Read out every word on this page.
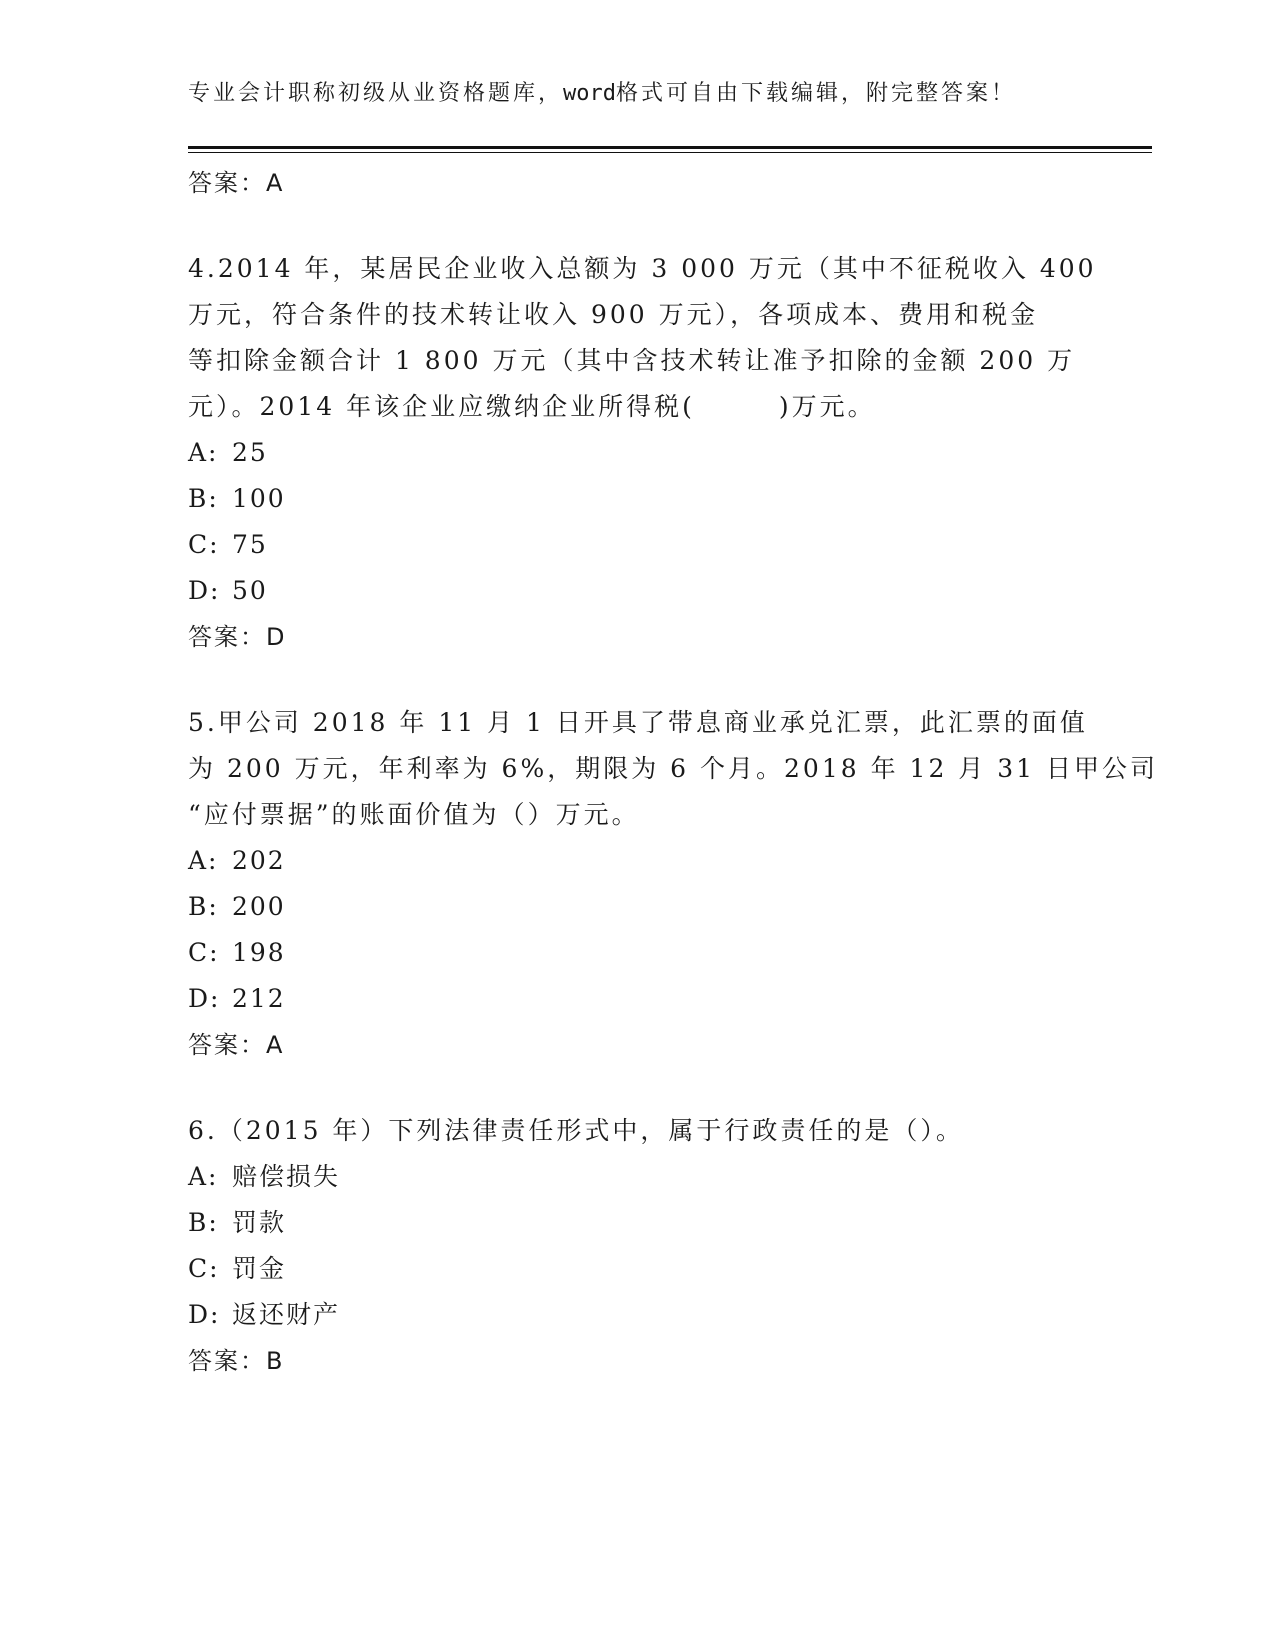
专业会计职称初级从业资格题库，word格式可自由下载编辑，附完整答案！
答案：A
4.2014 年，某居民企业收入总额为 3 000 万元（其中不征税收入 400
万元，符合条件的技术转让收入 900 万元），各项成本、费用和税金
等扣除金额合计 1 800 万元（其中含技术转让准予扣除的金额 200 万
元）。2014 年该企业应缴纳企业所得税(　　　)万元。
A: 25
B: 100
C: 75
D: 50
答案：D
5.甲公司 2018 年 11 月 1 日开具了带息商业承兑汇票，此汇票的面值
为 200 万元，年利率为 6%，期限为 6 个月。2018 年 12 月 31 日甲公司
“应付票据”的账面价值为（）万元。
A: 202
B: 200
C: 198
D: 212
答案：A
6.（2015 年）下列法律责任形式中，属于行政责任的是（）。
A: 赔偿损失
B: 罚款
C: 罚金
D: 返还财产
答案：B
